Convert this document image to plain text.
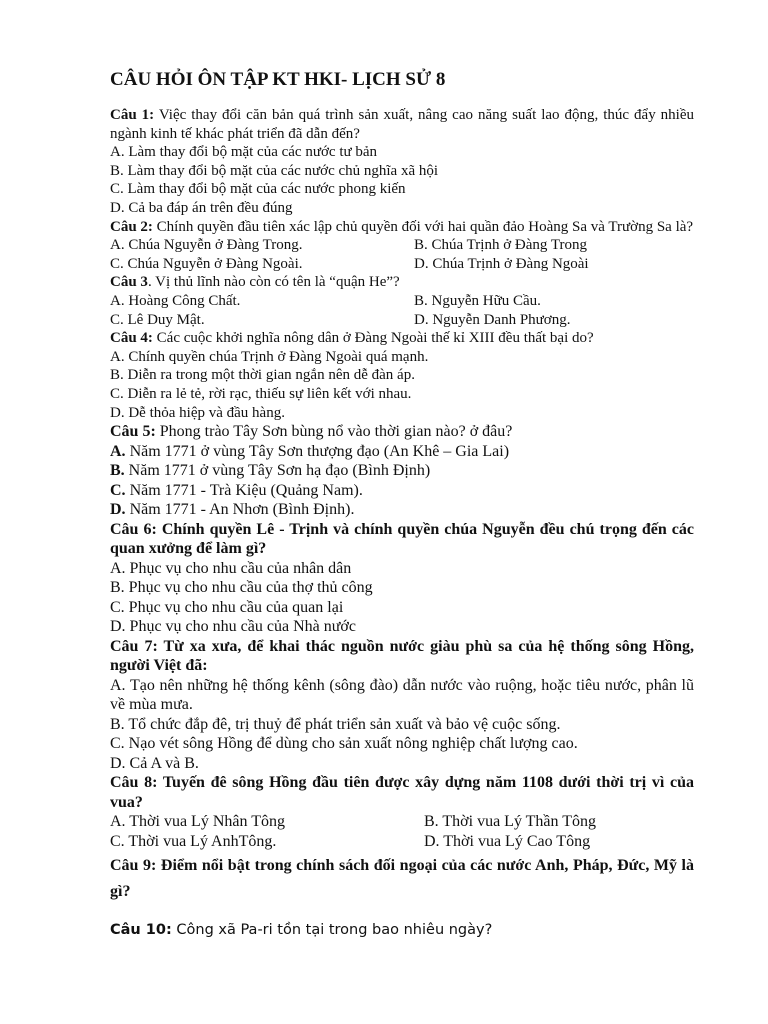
CÂU HỎI ÔN TẬP KT HKI- LỊCH SỬ 8
Câu 1: Việc thay đổi căn bản quá trình sản xuất, nâng cao năng suất lao động, thúc đẩy nhiều ngành kinh tế khác phát triển đã dẫn đến?
A. Làm thay đổi bộ mặt của các nước tư bản
B. Làm thay đổi bộ mặt của các nước chủ nghĩa xã hội
C. Làm thay đổi bộ mặt của các nước phong kiến
D. Cả ba đáp án trên đều đúng
Câu 2: Chính quyền đầu tiên xác lập chủ quyền đối với hai quần đảo Hoàng Sa và Trường Sa là?
A. Chúa Nguyễn ở Đàng Trong.	B. Chúa Trịnh ở Đàng Trong
C. Chúa Nguyễn ở Đàng Ngoài.	D. Chúa Trịnh ở Đàng Ngoài
Câu 3. Vị thủ lĩnh nào còn có tên là “quận He”?
A. Hoàng Công Chất.	B. Nguyễn Hữu Cầu.
C. Lê Duy Mật.	D. Nguyễn Danh Phương.
Câu 4: Các cuộc khởi nghĩa nông dân ở Đàng Ngoài thế kỉ XIII đều thất bại do?
A. Chính quyền chúa Trịnh ở Đàng Ngoài quá mạnh.
B. Diễn ra trong một thời gian ngắn nên dễ đàn áp.
C. Diễn ra lẻ tẻ, rời rạc, thiếu sự liên kết với nhau.
D. Dễ thỏa hiệp và đầu hàng.
Câu 5: Phong trào Tây Sơn bùng nổ vào thời gian nào? ở đâu?
A. Năm 1771 ở vùng Tây Sơn thượng đạo (An Khê – Gia Lai)
B. Năm 1771 ở vùng Tây Sơn hạ đạo (Bình Định)
C. Năm 1771 - Trà Kiệu (Quảng Nam).
D. Năm 1771 - An Nhơn (Bình Định).
Câu 6: Chính quyền Lê - Trịnh và chính quyền chúa Nguyễn đều chú trọng đến các quan xưởng để làm gì?
A. Phục vụ cho nhu cầu của nhân dân
B. Phục vụ cho nhu cầu của thợ thủ công
C. Phục vụ cho nhu cầu của quan lại
D. Phục vụ cho nhu cầu của Nhà nước
Câu 7: Từ xa xưa, để khai thác nguồn nước giàu phù sa của hệ thống sông Hồng, người Việt đã:
A. Tạo nên những hệ thống kênh (sông đào) dẫn nước vào ruộng, hoặc tiêu nước, phân lũ về mùa mưa.
B. Tổ chức đắp đê, trị thuỷ để phát triển sản xuất và bảo vệ cuộc sống.
C. Nạo vét sông Hồng để dùng cho sản xuất nông nghiệp chất lượng cao.
D. Cả A và B.
Câu 8: Tuyến đê sông Hồng đầu tiên được xây dựng năm 1108 dưới thời trị vì của vua?
A. Thời vua Lý Nhân Tông	B. Thời vua Lý Thần Tông
C. Thời vua Lý AnhTông.	D. Thời vua Lý Cao Tông
Câu 9: Điểm nổi bật trong chính sách đối ngoại của các nước Anh, Pháp, Đức, Mỹ là gì?
Câu 10: Công xã Pa-ri tồn tại trong bao nhiêu ngày?
